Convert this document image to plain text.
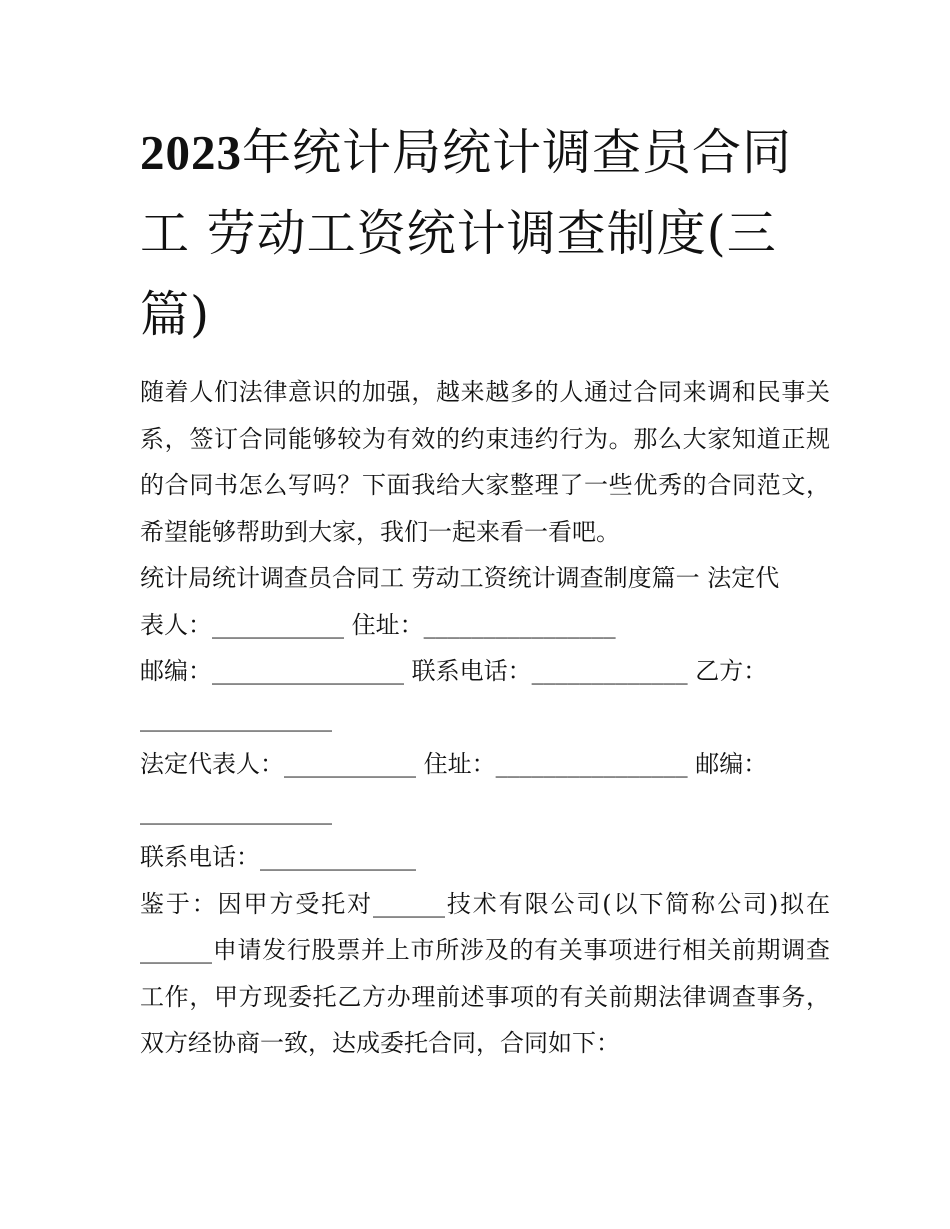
2023年统计局统计调查员合同工 劳动工资统计调查制度(三篇)

随着人们法律意识的加强，越来越多的人通过合同来调和民事关系，签订合同能够较为有效的约束违约行为。那么大家知道正规的合同书怎么写吗？下面我给大家整理了一些优秀的合同范文，希望能够帮助到大家，我们一起来看一看吧。

统计局统计调查员合同工 劳动工资统计调查制度篇一 法定代

表人：___________ 住址：________________

邮编：________________ 联系电话：_____________ 乙方：

________________

法定代表人：___________ 住址：________________ 邮编：

________________

联系电话：_____________

鉴于：因甲方受托对______技术有限公司(以下简称公司)拟在______申请发行股票并上市所涉及的有关事项进行相关前期调查工作，甲方现委托乙方办理前述事项的有关前期法律调查事务，双方经协商一致，达成委托合同，合同如下：
